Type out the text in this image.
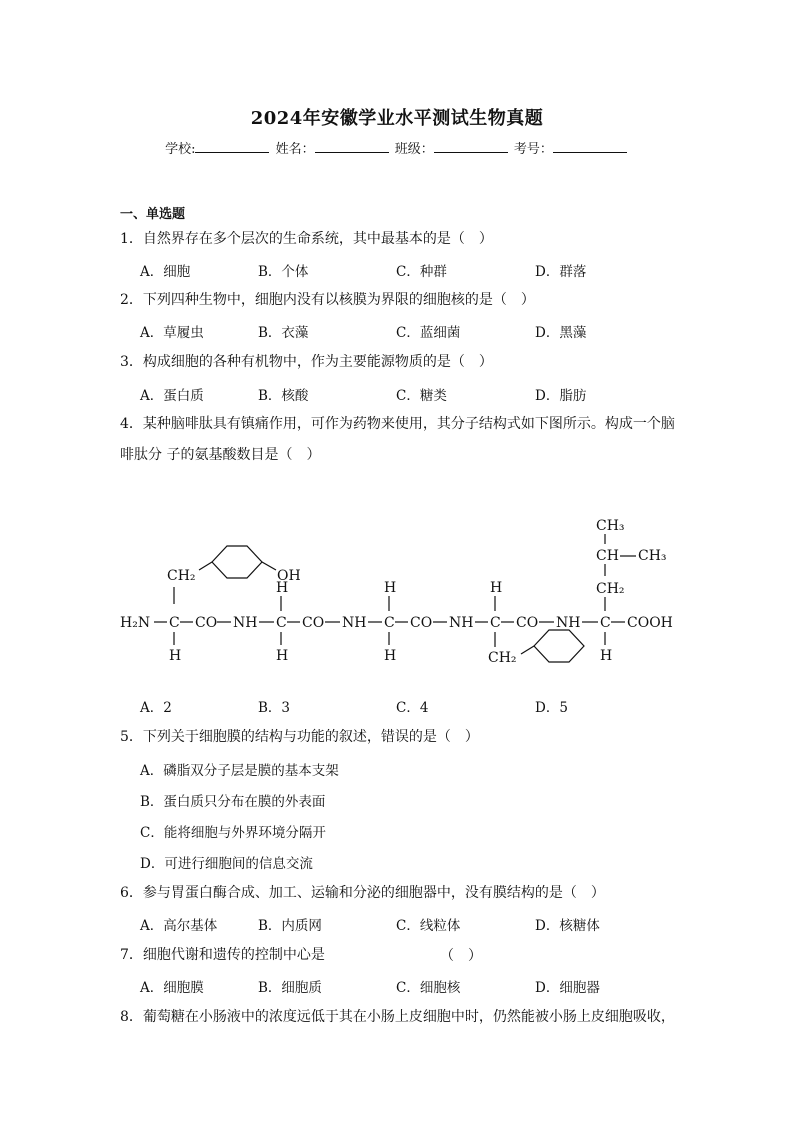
2024年安徽学业水平测试生物真题
学校:	姓名：	班级：	考号：
一、单选题
1．自然界存在多个层次的生命系统，其中最基本的是（　）
A．细胞	B．个体	C．种群	D．群落
2．下列四种生物中，细胞内没有以核膜为界限的细胞核的是（　）
A．草履虫	B．衣藻	C．蓝细菌	D．黑藻
3．构成细胞的各种有机物中，作为主要能源物质的是（　）
A．蛋白质	B．核酸	C．糖类	D．脂肪
4．某种脑啡肽具有镇痛作用，可作为药物来使用，其分子结构式如下图所示。构成一个脑
啡肽分 子的氨基酸数目是（　）
CH₂	OH
CH₃
CH CH₃
CH₂
H	H	H
H₂N C CO NH C CO NH C CO NH C CO NH C COOH
H	H	H	H
CH₂
A．2	B．3	C．4	D．5
5．下列关于细胞膜的结构与功能的叙述，错误的是（　）
A．磷脂双分子层是膜的基本支架
B．蛋白质只分布在膜的外表面
C．能将细胞与外界环境分隔开
D．可进行细胞间的信息交流
6．参与胃蛋白酶合成、加工、运输和分泌的细胞器中，没有膜结构的是（　）
A．高尔基体	B．内质网	C．线粒体	D．核糖体
7．细胞代谢和遗传的控制中心是	（　）
A．细胞膜	B．细胞质	C．细胞核	D．细胞器
8．葡萄糖在小肠液中的浓度远低于其在小肠上皮细胞中时，仍然能被小肠上皮细胞吸收，
